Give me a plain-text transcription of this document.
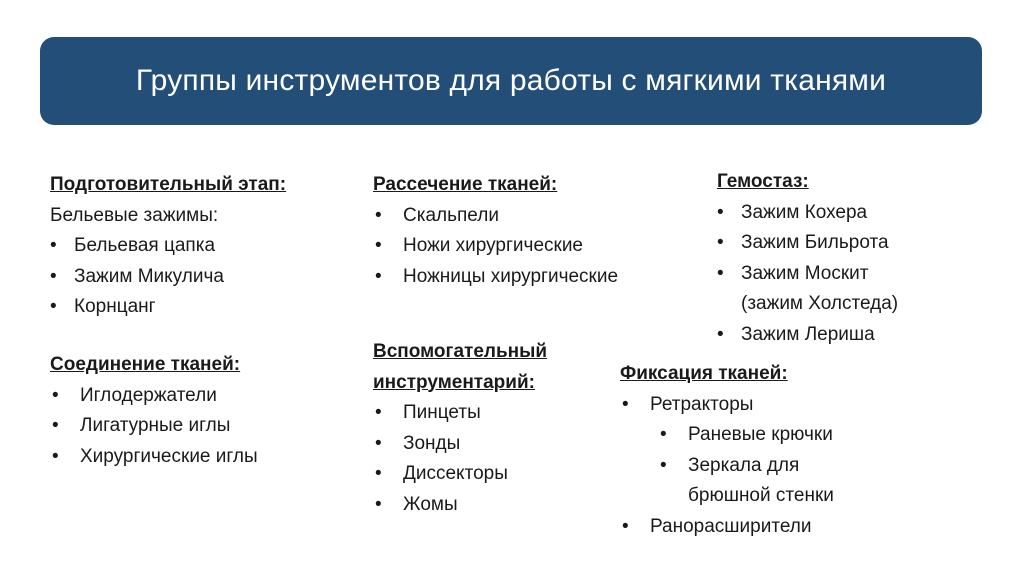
Группы инструментов для работы с мягкими тканями
Подготовительный этап:
Бельевые зажимы:
• Бельевая цапка
• Зажим Микулича
• Корнцанг
Соединение тканей:
• Иглодержатели
• Лигатурные иглы
• Хирургические иглы
Рассечение тканей:
• Скальпели
• Ножи хирургические
• Ножницы хирургические
Вспомогательный
инструментарий:
• Пинцеты
• Зонды
• Диссекторы
• Жомы
Гемостаз:
• Зажим Кохера
• Зажим Бильрота
• Зажим Москит
(зажим Холстеда)
• Зажим Лериша
Фиксация тканей:
• Ретракторы
• Раневые крючки
• Зеркала для
брюшной стенки
• Ранорасширители
